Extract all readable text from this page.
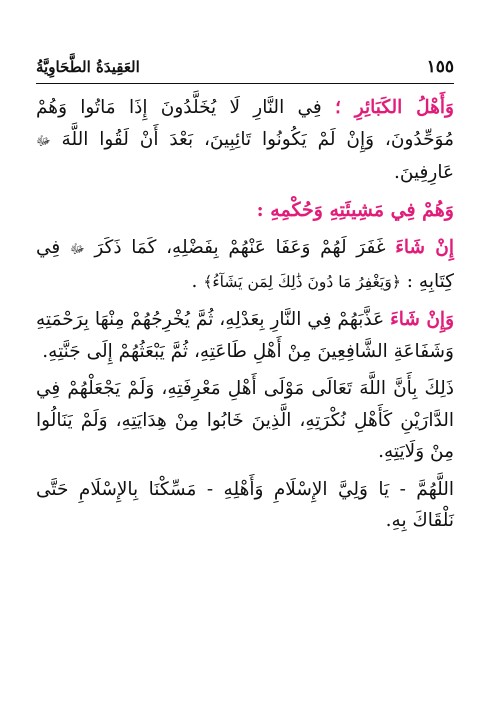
العَقِيدَةُ الطَّحَاوِيَّةُ	١٥٥

وَأَهْلُ الكَبَائِرِ ؛ فِي النَّارِ لَا يُخَلَّدُونَ إِذَا مَاتُوا وَهُمْ مُوَحِّدُونَ، وَإِنْ لَمْ يَكُونُوا تَائِبِينَ، بَعْدَ أَنْ لَقُوا اللَّهَ ﷻ عَارِفِينَ.

وَهُمْ فِي مَشِيئَتِهِ وَحُكْمِهِ :

إِنْ شَاءَ غَفَرَ لَهُمْ وَعَفَا عَنْهُمْ بِفَضْلِهِ، كَمَا ذَكَرَ ﷻ فِي كِتَابِهِ : ﴿وَيَغْفِرُ مَا دُونَ ذَٰلِكَ لِمَن يَشَآءُ﴾ .

وَإِنْ شَاءَ عَذَّبَهُمْ فِي النَّارِ بِعَدْلِهِ، ثُمَّ يُخْرِجُهُمْ مِنْهَا بِرَحْمَتِهِ وَشَفَاعَةِ الشَّافِعِينَ مِنْ أَهْلِ طَاعَتِهِ، ثُمَّ يَبْعَثُهُمْ إِلَى جَنَّتِهِ.

ذَلِكَ بِأَنَّ اللَّهَ تَعَالَى مَوْلَى أَهْلِ مَعْرِفَتِهِ، وَلَمْ يَجْعَلْهُمْ فِي الدَّارَيْنِ كَأَهْلِ نُكْرَتِهِ، الَّذِينَ خَابُوا مِنْ هِدَايَتِهِ، وَلَمْ يَنَالُوا مِنْ وَلَايَتِهِ.

اللَّهُمَّ - يَا وَلِيَّ الإِسْلَامِ وَأَهْلِهِ - مَسِّكْنَا بِالإِسْلَامِ حَتَّى نَلْقَاكَ بِهِ.
